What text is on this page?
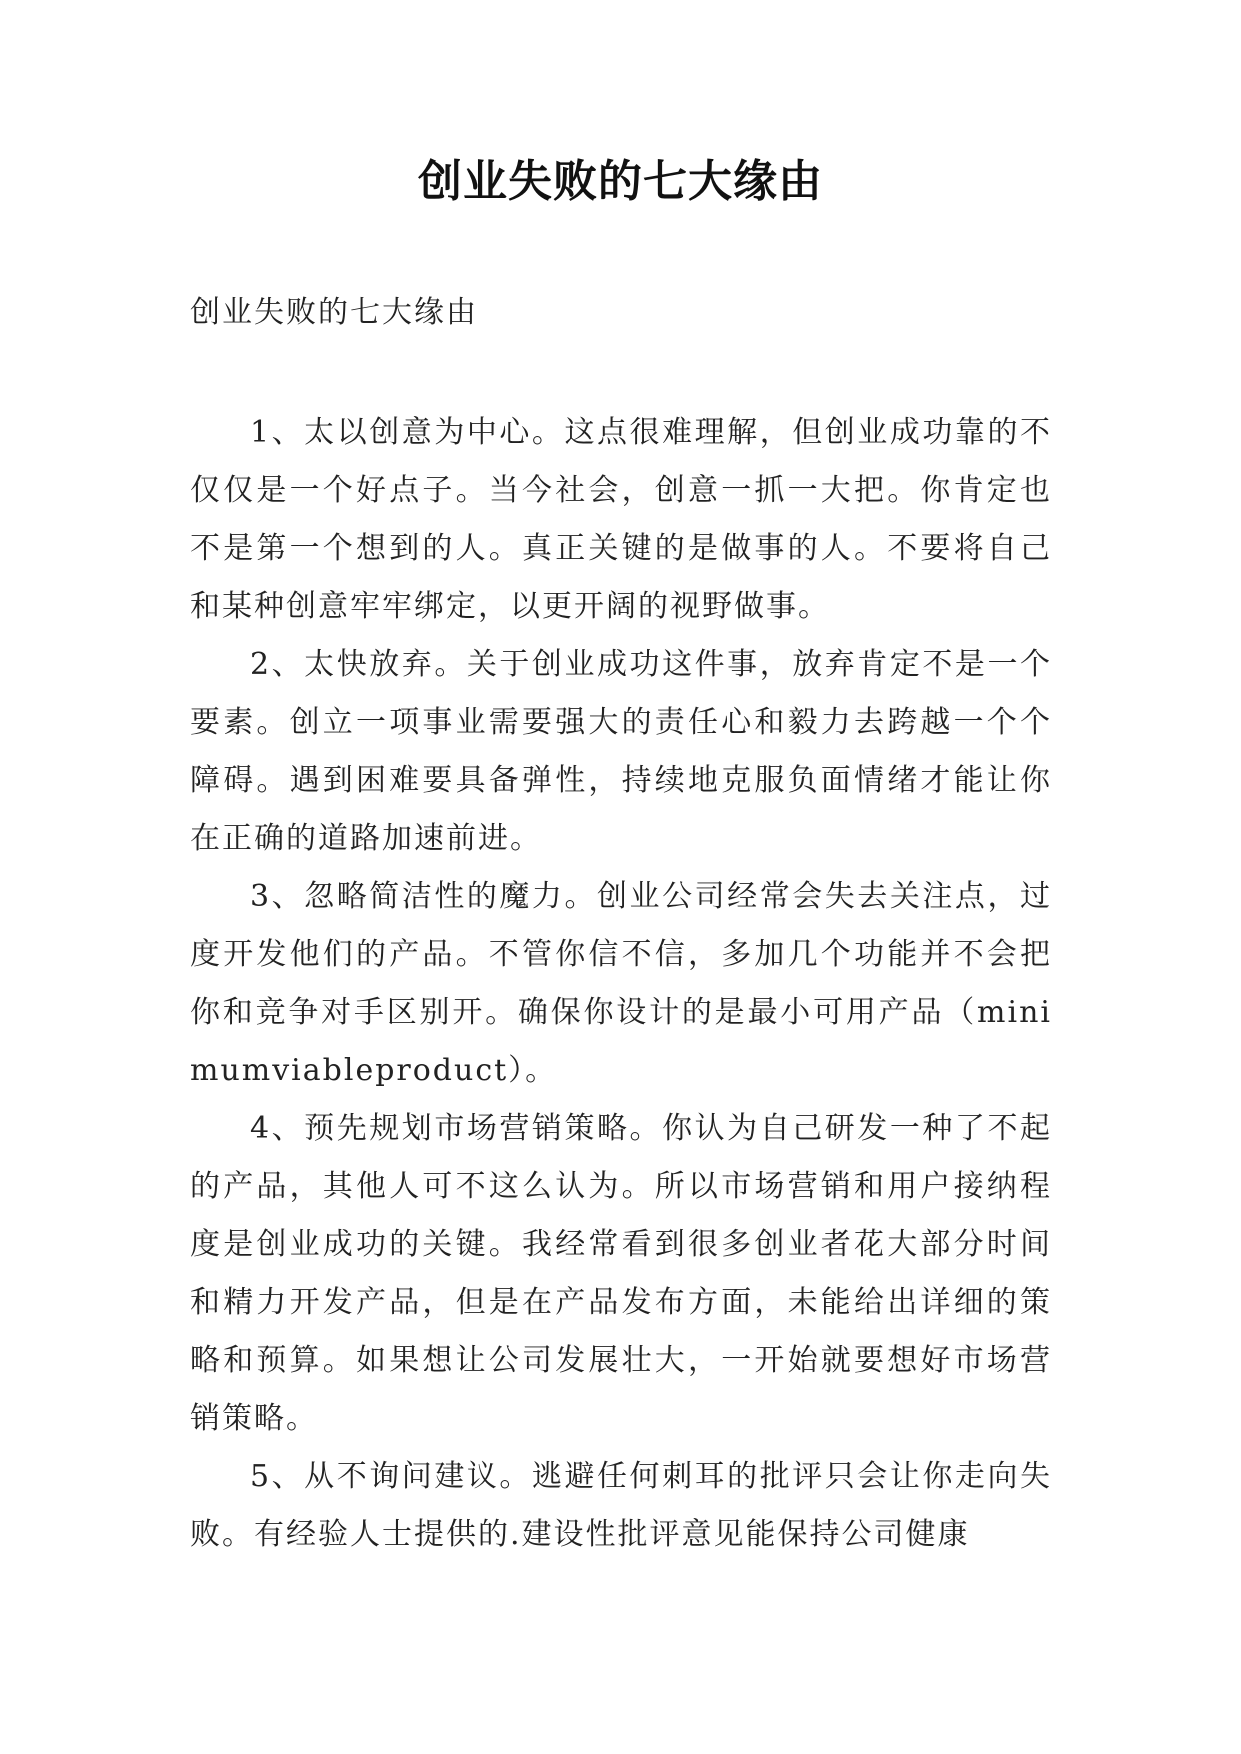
创业失败的七大缘由
创业失败的七大缘由

1、太以创意为中心。这点很难理解，但创业成功靠的不仅仅是一个好点子。当今社会，创意一抓一大把。你肯定也不是第一个想到的人。真正关键的是做事的人。不要将自己和某种创意牢牢绑定，以更开阔的视野做事。

2、太快放弃。关于创业成功这件事，放弃肯定不是一个要素。创立一项事业需要强大的责任心和毅力去跨越一个个障碍。遇到困难要具备弹性，持续地克服负面情绪才能让你在正确的道路加速前进。

3、忽略简洁性的魔力。创业公司经常会失去关注点，过度开发他们的产品。不管你信不信，多加几个功能并不会把你和竞争对手区别开。确保你设计的是最小可用产品（minimumviableproduct）。

4、预先规划市场营销策略。你认为自己研发一种了不起的产品，其他人可不这么认为。所以市场营销和用户接纳程度是创业成功的关键。我经常看到很多创业者花大部分时间和精力开发产品，但是在产品发布方面，未能给出详细的策略和预算。如果想让公司发展壮大，一开始就要想好市场营销策略。

5、从不询问建议。逃避任何刺耳的批评只会让你走向失败。有经验人士提供的.建设性批评意见能保持公司健康
